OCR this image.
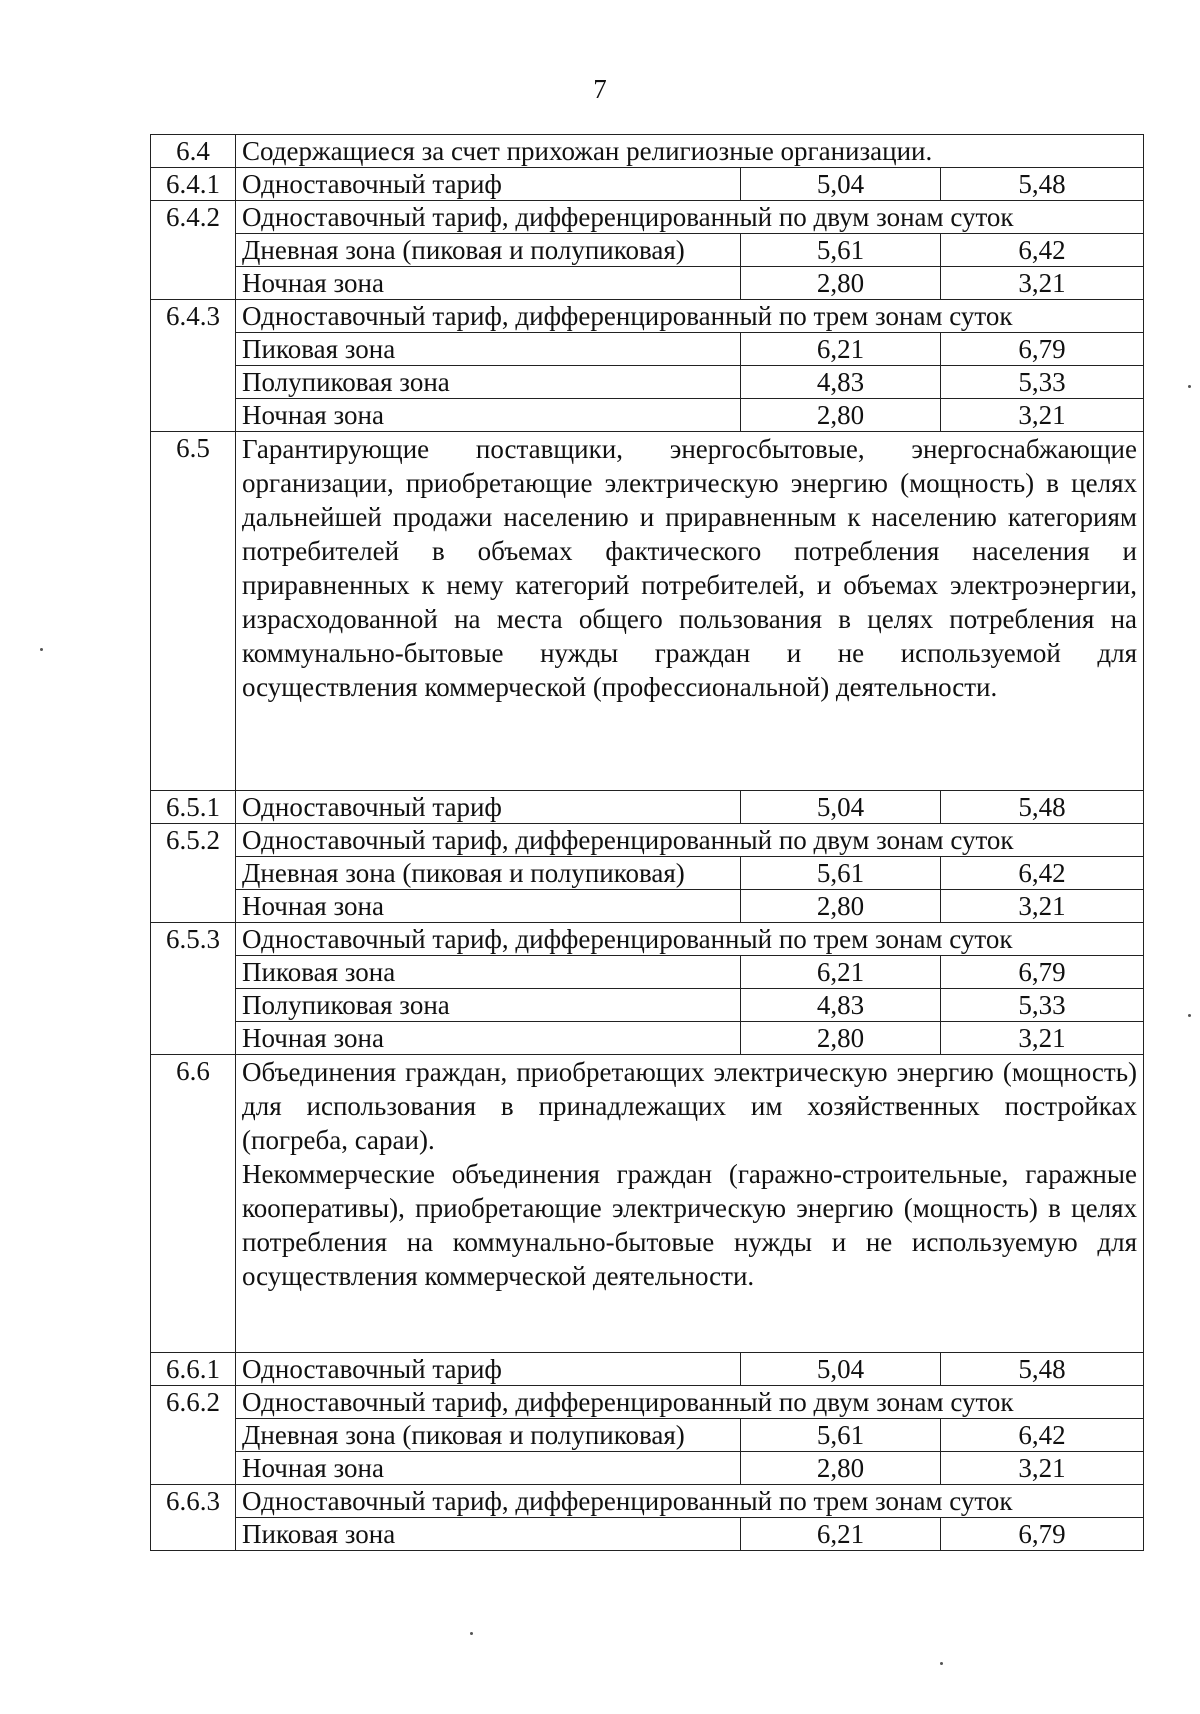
7
6.4	Содержащиеся за счет прихожан религиозные организации.		
6.4.1	Одноставочный тариф	5,04	5,48
6.4.2	Одноставочный тариф, дифференцированный по двум зонам суток		
	Дневная зона (пиковая и полупиковая)	5,61	6,42
	Ночная зона	2,80	3,21
6.4.3	Одноставочный тариф, дифференцированный по трем зонам суток		
	Пиковая зона	6,21	6,79
	Полупиковая зона	4,83	5,33
	Ночная зона	2,80	3,21
6.5	Гарантирующие поставщики, энергосбытовые, энергоснабжающие организации, приобретающие электрическую энергию (мощность) в целях дальнейшей продажи населению и приравненным к населению категориям потребителей в объемах фактического потребления населения и приравненных к нему категорий потребителей, и объемах электроэнергии, израсходованной на места общего пользования в целях потребления на коммунально-бытовые нужды граждан и не используемой для осуществления коммерческой (профессиональной) деятельности.		
6.5.1	Одноставочный тариф	5,04	5,48
6.5.2	Одноставочный тариф, дифференцированный по двум зонам суток		
	Дневная зона (пиковая и полупиковая)	5,61	6,42
	Ночная зона	2,80	3,21
6.5.3	Одноставочный тариф, дифференцированный по трем зонам суток		
	Пиковая зона	6,21	6,79
	Полупиковая зона	4,83	5,33
	Ночная зона	2,80	3,21
6.6	Объединения граждан, приобретающих электрическую энергию (мощность) для использования в принадлежащих им хозяйственных постройках (погреба, сараи).
Некоммерческие объединения граждан (гаражно-строительные, гаражные кооперативы), приобретающие электрическую энергию (мощность) в целях потребления на коммунально-бытовые нужды и не используемую для осуществления коммерческой деятельности.		
6.6.1	Одноставочный тариф	5,04	5,48
6.6.2	Одноставочный тариф, дифференцированный по двум зонам суток		
	Дневная зона (пиковая и полупиковая)	5,61	6,42
	Ночная зона	2,80	3,21
6.6.3	Одноставочный тариф, дифференцированный по трем зонам суток		
	Пиковая зона	6,21	6,79
